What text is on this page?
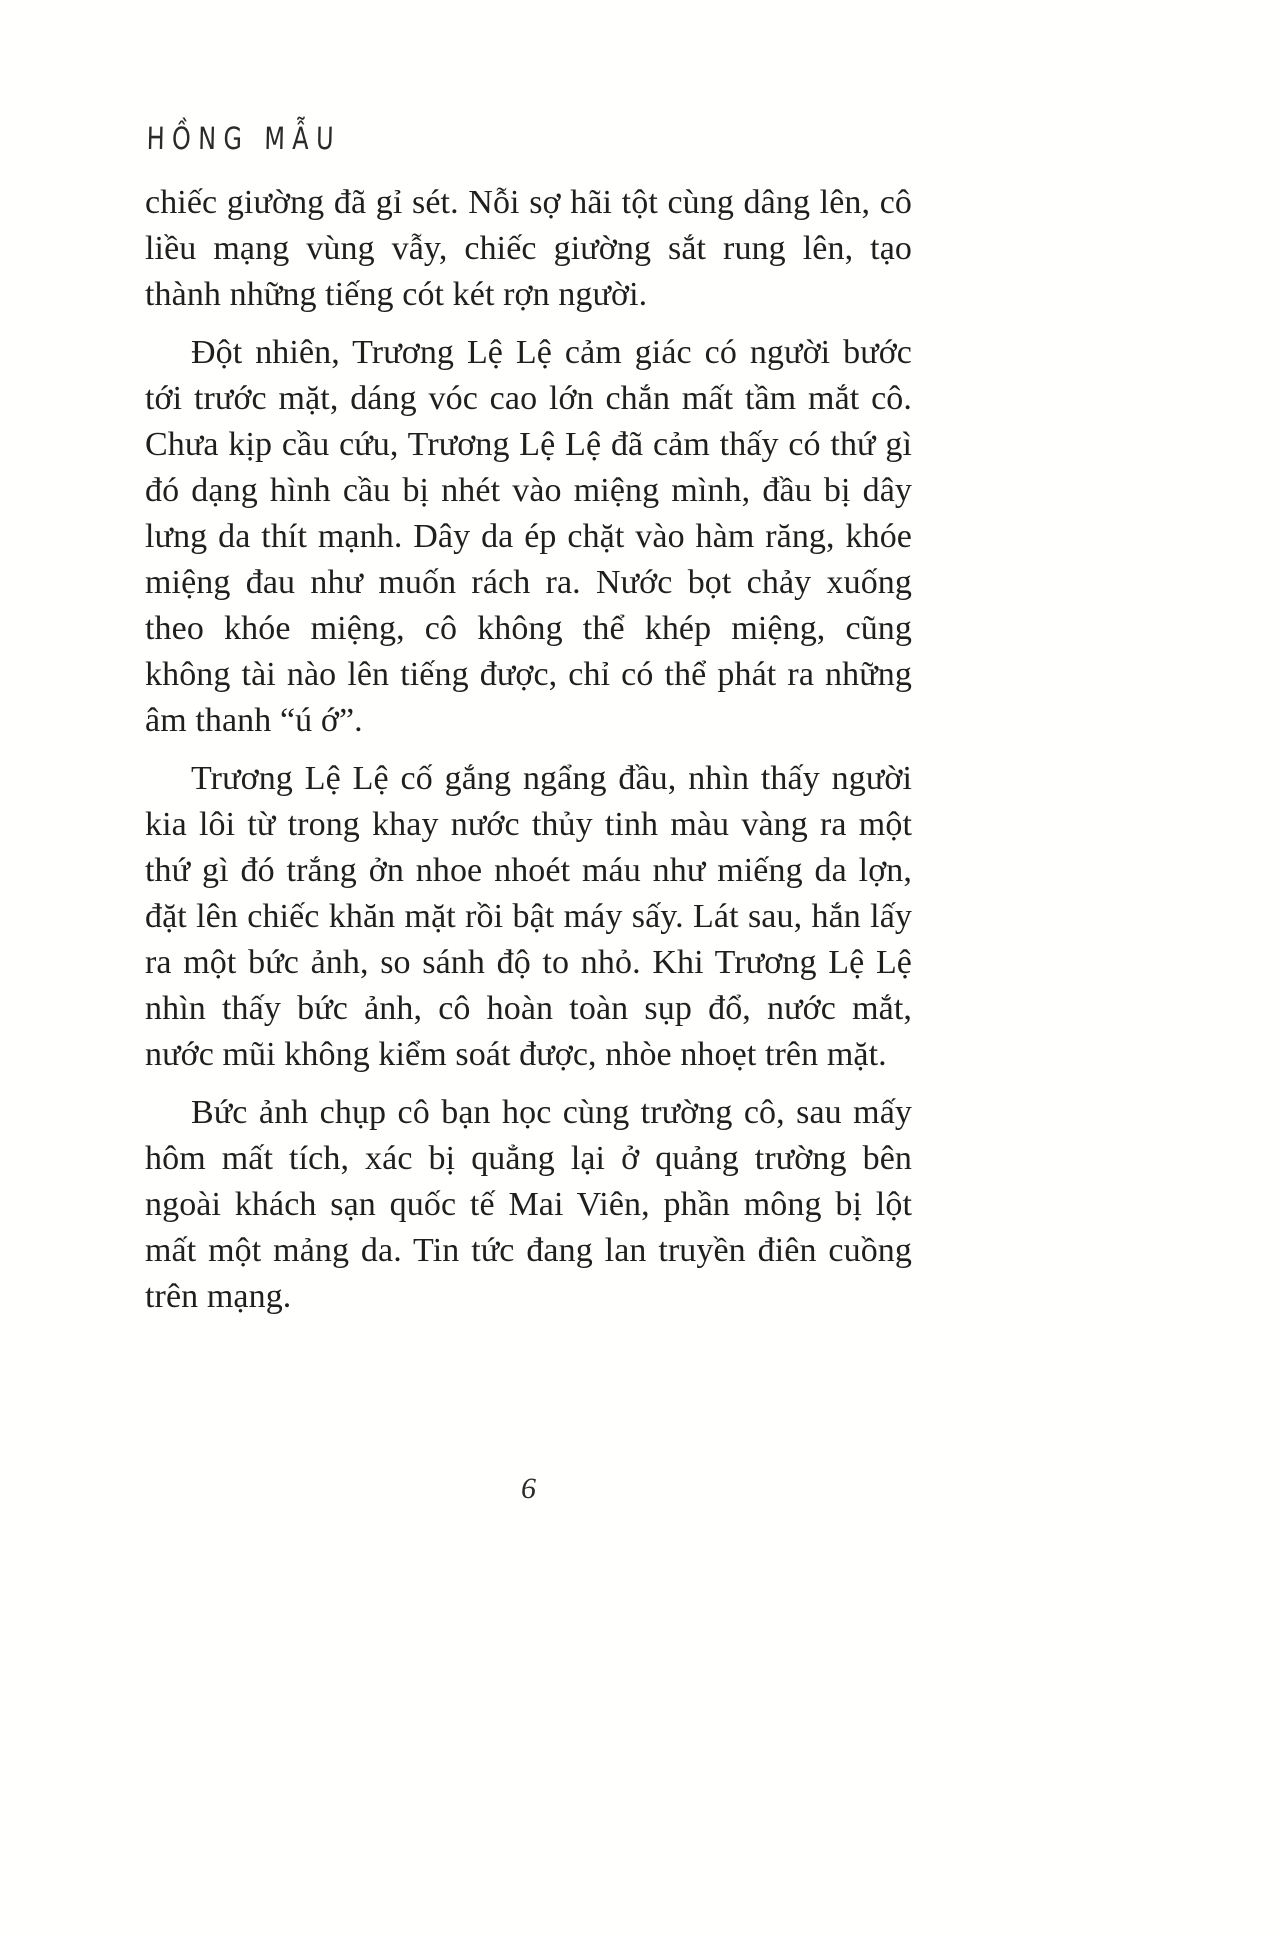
HỒNG MẪU

chiếc giường đã gỉ sét. Nỗi sợ hãi tột cùng dâng lên, cô liều mạng vùng vẫy, chiếc giường sắt rung lên, tạo thành những tiếng cót két rợn người.

Đột nhiên, Trương Lệ Lệ cảm giác có người bước tới trước mặt, dáng vóc cao lớn chắn mất tầm mắt cô. Chưa kịp cầu cứu, Trương Lệ Lệ đã cảm thấy có thứ gì đó dạng hình cầu bị nhét vào miệng mình, đầu bị dây lưng da thít mạnh. Dây da ép chặt vào hàm răng, khóe miệng đau như muốn rách ra. Nước bọt chảy xuống theo khóe miệng, cô không thể khép miệng, cũng không tài nào lên tiếng được, chỉ có thể phát ra những âm thanh “ú ớ”.

Trương Lệ Lệ cố gắng ngẩng đầu, nhìn thấy người kia lôi từ trong khay nước thủy tinh màu vàng ra một thứ gì đó trắng ởn nhoe nhoét máu như miếng da lợn, đặt lên chiếc khăn mặt rồi bật máy sấy. Lát sau, hắn lấy ra một bức ảnh, so sánh độ to nhỏ. Khi Trương Lệ Lệ nhìn thấy bức ảnh, cô hoàn toàn sụp đổ, nước mắt, nước mũi không kiểm soát được, nhòe nhoẹt trên mặt.

Bức ảnh chụp cô bạn học cùng trường cô, sau mấy hôm mất tích, xác bị quẳng lại ở quảng trường bên ngoài khách sạn quốc tế Mai Viên, phần mông bị lột mất một mảng da. Tin tức đang lan truyền điên cuồng trên mạng.

6
